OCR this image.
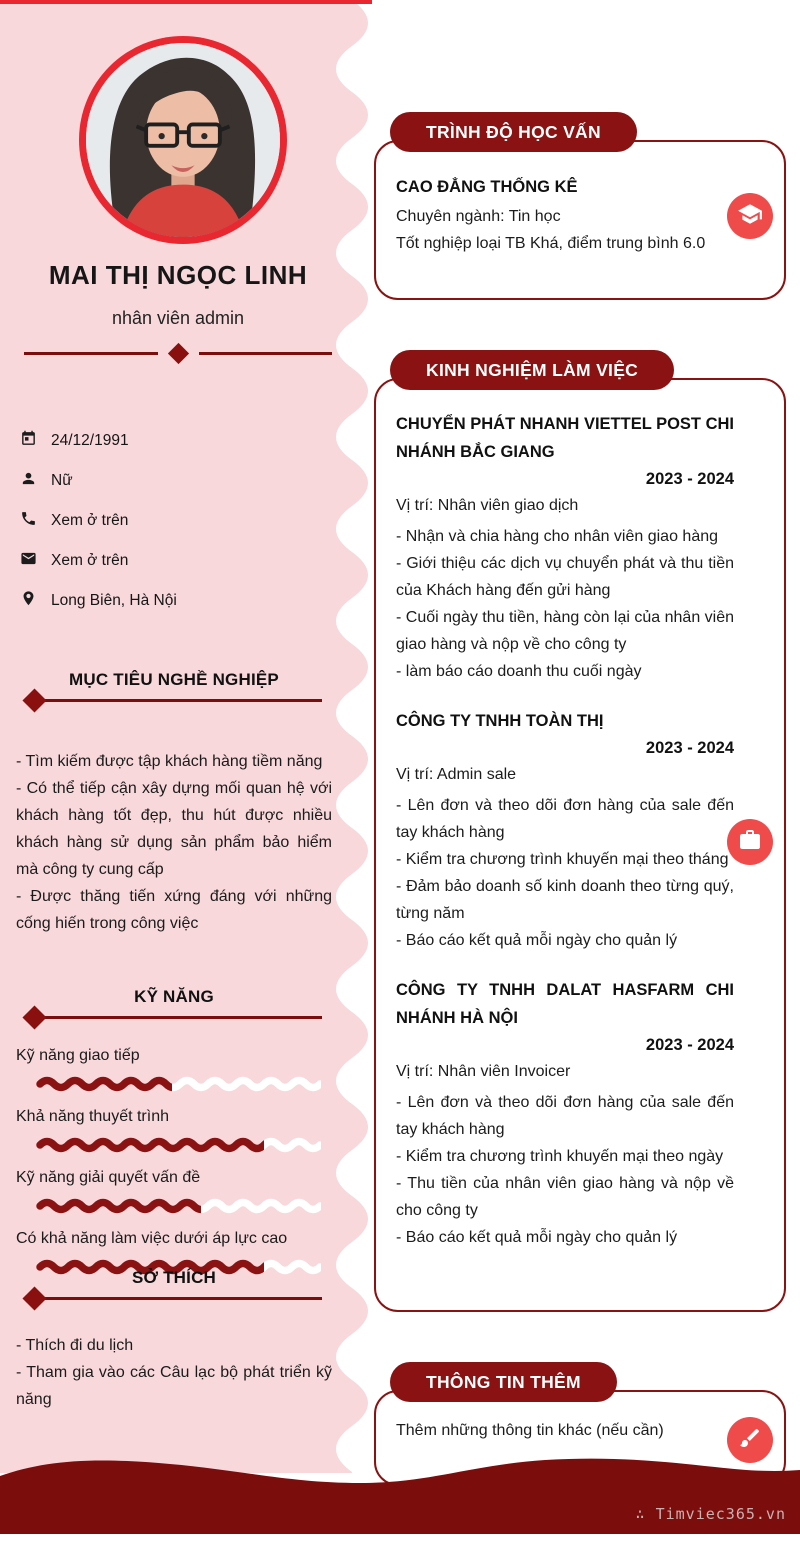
MAI THỊ NGỌC LINH
nhân viên admin
24/12/1991
Nữ
Xem ở trên
Xem ở trên
Long Biên, Hà Nội
MỤC TIÊU NGHỀ NGHIỆP

- Tìm kiếm được tập khách hàng tiềm năng

- Có thể tiếp cận xây dựng mối quan hệ với khách hàng tốt đẹp, thu hút được nhiều khách hàng sử dụng sản phẩm bảo hiểm mà công ty cung cấp

- Được thăng tiến xứng đáng với những cống hiến trong công việc

KỸ NĂNG
Kỹ năng giao tiếp
Khả năng thuyết trình
Kỹ năng giải quyết vấn đề
Có khả năng làm việc dưới áp lực cao
SỞ THÍCH

- Thích đi du lịch

- Tham gia vào các Câu lạc bộ phát triển kỹ năng

TRÌNH ĐỘ HỌC VẤN
CAO ĐẲNG THỐNG KÊ

Chuyên ngành: Tin học

Tốt nghiệp loại TB Khá, điểm trung bình 6.0

KINH NGHIỆM LÀM VIỆC
CHUYỂN PHÁT NHANH VIETTEL POST CHI NHÁNH BẮC GIANG
2023 - 2024
Vị trí: Nhân viên giao dịch

- Nhận và chia hàng cho nhân viên giao hàng

- Giới thiệu các dịch vụ chuyển phát và thu tiền của Khách hàng đến gửi hàng

- Cuối ngày thu tiền, hàng còn lại của nhân viên giao hàng và nộp về cho công ty

- làm báo cáo doanh thu cuối ngày

CÔNG TY TNHH TOÀN THỊ
2023 - 2024
Vị trí: Admin sale

- Lên đơn và theo dõi đơn hàng của sale đến tay khách hàng

- Kiểm tra chương trình khuyến mại theo tháng

- Đảm bảo doanh số kinh doanh theo từng quý, từng năm

- Báo cáo kết quả mỗi ngày cho quản lý

CÔNG TY TNHH DALAT HASFARM CHI NHÁNH HÀ NỘI
2023 - 2024
Vị trí: Nhân viên Invoicer

- Lên đơn và theo dõi đơn hàng của sale đến tay khách hàng

- Kiểm tra chương trình khuyến mại theo ngày

- Thu tiền của nhân viên giao hàng và nộp về cho công ty

- Báo cáo kết quả mỗi ngày cho quản lý

THÔNG TIN THÊM
Thêm những thông tin khác (nếu cần)
∴ Timviec365.vn
